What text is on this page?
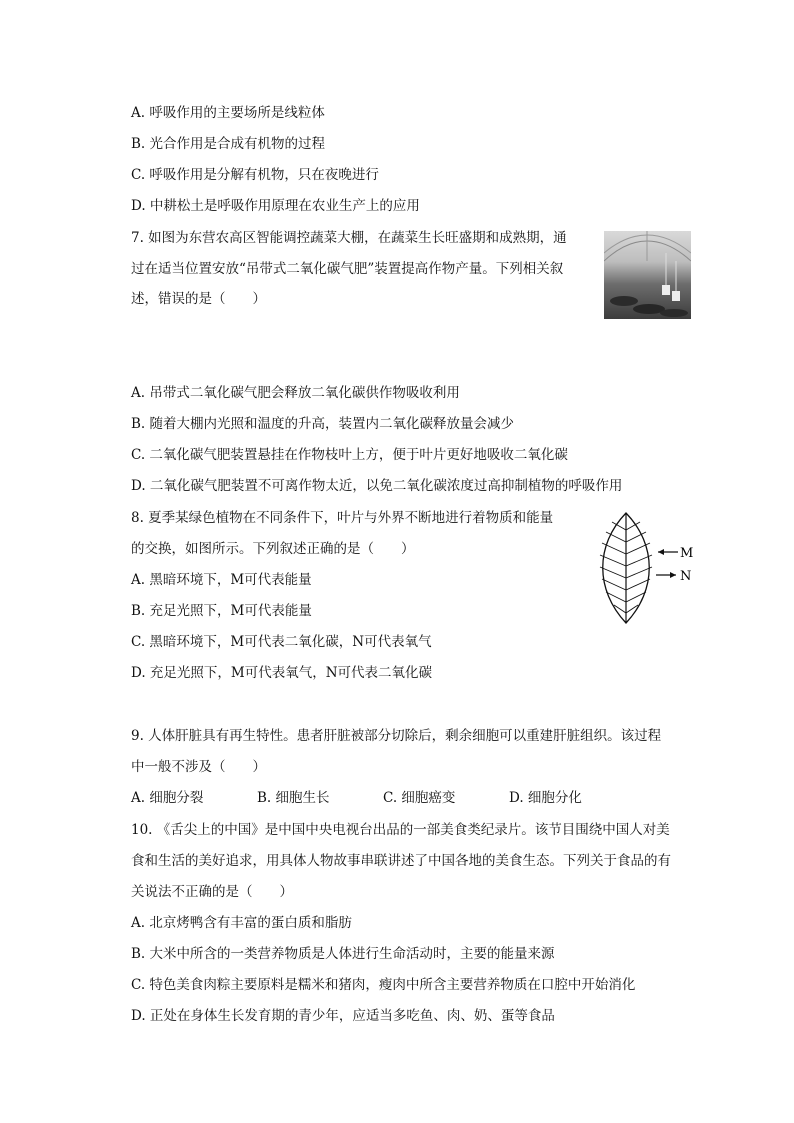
A. 呼吸作用的主要场所是线粒体
B. 光合作用是合成有机物的过程
C. 呼吸作用是分解有机物，只在夜晚进行
D. 中耕松土是呼吸作用原理在农业生产上的应用
7. 如图为东营农高区智能调控蔬菜大棚，在蔬菜生长旺盛期和成熟期，通
过在适当位置安放“吊带式二氧化碳气肥”装置提高作物产量。下列相关叙
述，错误的是（　　）
A. 吊带式二氧化碳气肥会释放二氧化碳供作物吸收利用
B. 随着大棚内光照和温度的升高，装置内二氧化碳释放量会减少
C. 二氧化碳气肥装置悬挂在作物枝叶上方，便于叶片更好地吸收二氧化碳
D. 二氧化碳气肥装置不可离作物太近，以免二氧化碳浓度过高抑制植物的呼吸作用
8. 夏季某绿色植物在不同条件下，叶片与外界不断地进行着物质和能量
的交换，如图所示。下列叙述正确的是（　　）
A. 黑暗环境下，M可代表能量
B. 充足光照下，M可代表能量
C. 黑暗环境下，M可代表二氧化碳，N可代表氧气
D. 充足光照下，M可代表氧气，N可代表二氧化碳
M
N
9. 人体肝脏具有再生特性。患者肝脏被部分切除后，剩余细胞可以重建肝脏组织。该过程
中一般不涉及（　　）
A. 细胞分裂	B. 细胞生长	C. 细胞癌变	D. 细胞分化
10. 《舌尖上的中国》是中国中央电视台出品的一部美食类纪录片。该节目围绕中国人对美
食和生活的美好追求，用具体人物故事串联讲述了中国各地的美食生态。下列关于食品的有
关说法不正确的是（　　）
A. 北京烤鸭含有丰富的蛋白质和脂肪
B. 大米中所含的一类营养物质是人体进行生命活动时，主要的能量来源
C. 特色美食肉粽主要原料是糯米和猪肉，瘦肉中所含主要营养物质在口腔中开始消化
D. 正处在身体生长发育期的青少年，应适当多吃鱼、肉、奶、蛋等食品
